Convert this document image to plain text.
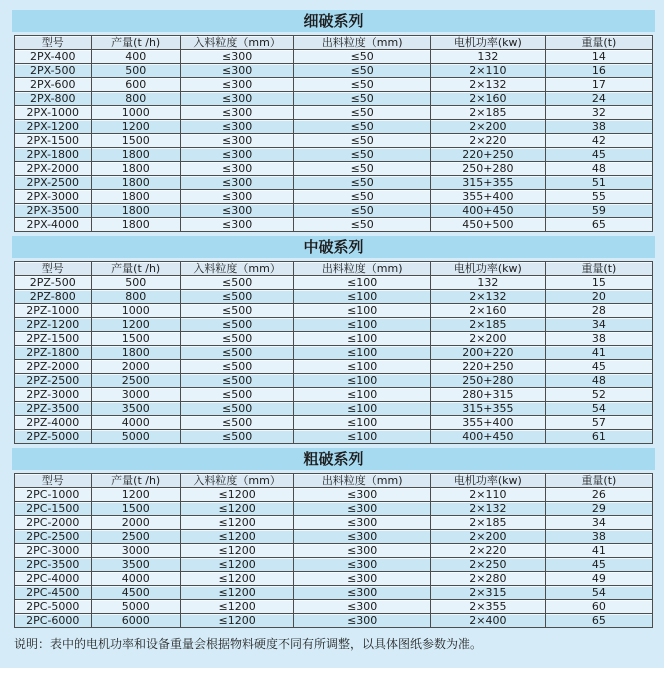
细破系列
型号	产量(t /h)	入料粒度（mm）	出料粒度（mm)	电机功率(kw)	重量(t)
2PX-400	400	≤300	≤50	132	14
2PX-500	500	≤300	≤50	2×110	16
2PX-600	600	≤300	≤50	2×132	17
2PX-800	800	≤300	≤50	2×160	24
2PX-1000	1000	≤300	≤50	2×185	32
2PX-1200	1200	≤300	≤50	2×200	38
2PX-1500	1500	≤300	≤50	2×220	42
2PX-1800	1800	≤300	≤50	220+250	45
2PX-2000	1800	≤300	≤50	250+280	48
2PX-2500	1800	≤300	≤50	315+355	51
2PX-3000	1800	≤300	≤50	355+400	55
2PX-3500	1800	≤300	≤50	400+450	59
2PX-4000	1800	≤300	≤50	450+500	65
中破系列
型号	产量(t /h)	入料粒度（mm）	出料粒度（mm)	电机功率(kw)	重量(t)
2PZ-500	500	≤500	≤100	132	15
2PZ-800	800	≤500	≤100	2×132	20
2PZ-1000	1000	≤500	≤100	2×160	28
2PZ-1200	1200	≤500	≤100	2×185	34
2PZ-1500	1500	≤500	≤100	2×200	38
2PZ-1800	1800	≤500	≤100	200+220	41
2PZ-2000	2000	≤500	≤100	220+250	45
2PZ-2500	2500	≤500	≤100	250+280	48
2PZ-3000	3000	≤500	≤100	280+315	52
2PZ-3500	3500	≤500	≤100	315+355	54
2PZ-4000	4000	≤500	≤100	355+400	57
2PZ-5000	5000	≤500	≤100	400+450	61
粗破系列
型号	产量(t /h)	入料粒度（mm）	出料粒度（mm)	电机功率(kw)	重量(t)
2PC-1000	1200	≤1200	≤300	2×110	26
2PC-1500	1500	≤1200	≤300	2×132	29
2PC-2000	2000	≤1200	≤300	2×185	34
2PC-2500	2500	≤1200	≤300	2×200	38
2PC-3000	3000	≤1200	≤300	2×220	41
2PC-3500	3500	≤1200	≤300	2×250	45
2PC-4000	4000	≤1200	≤300	2×280	49
2PC-4500	4500	≤1200	≤300	2×315	54
2PC-5000	5000	≤1200	≤300	2×355	60
2PC-6000	6000	≤1200	≤300	2×400	65
说明：表中的电机功率和设备重量会根据物料硬度不同有所调整，以具体图纸参数为准。
